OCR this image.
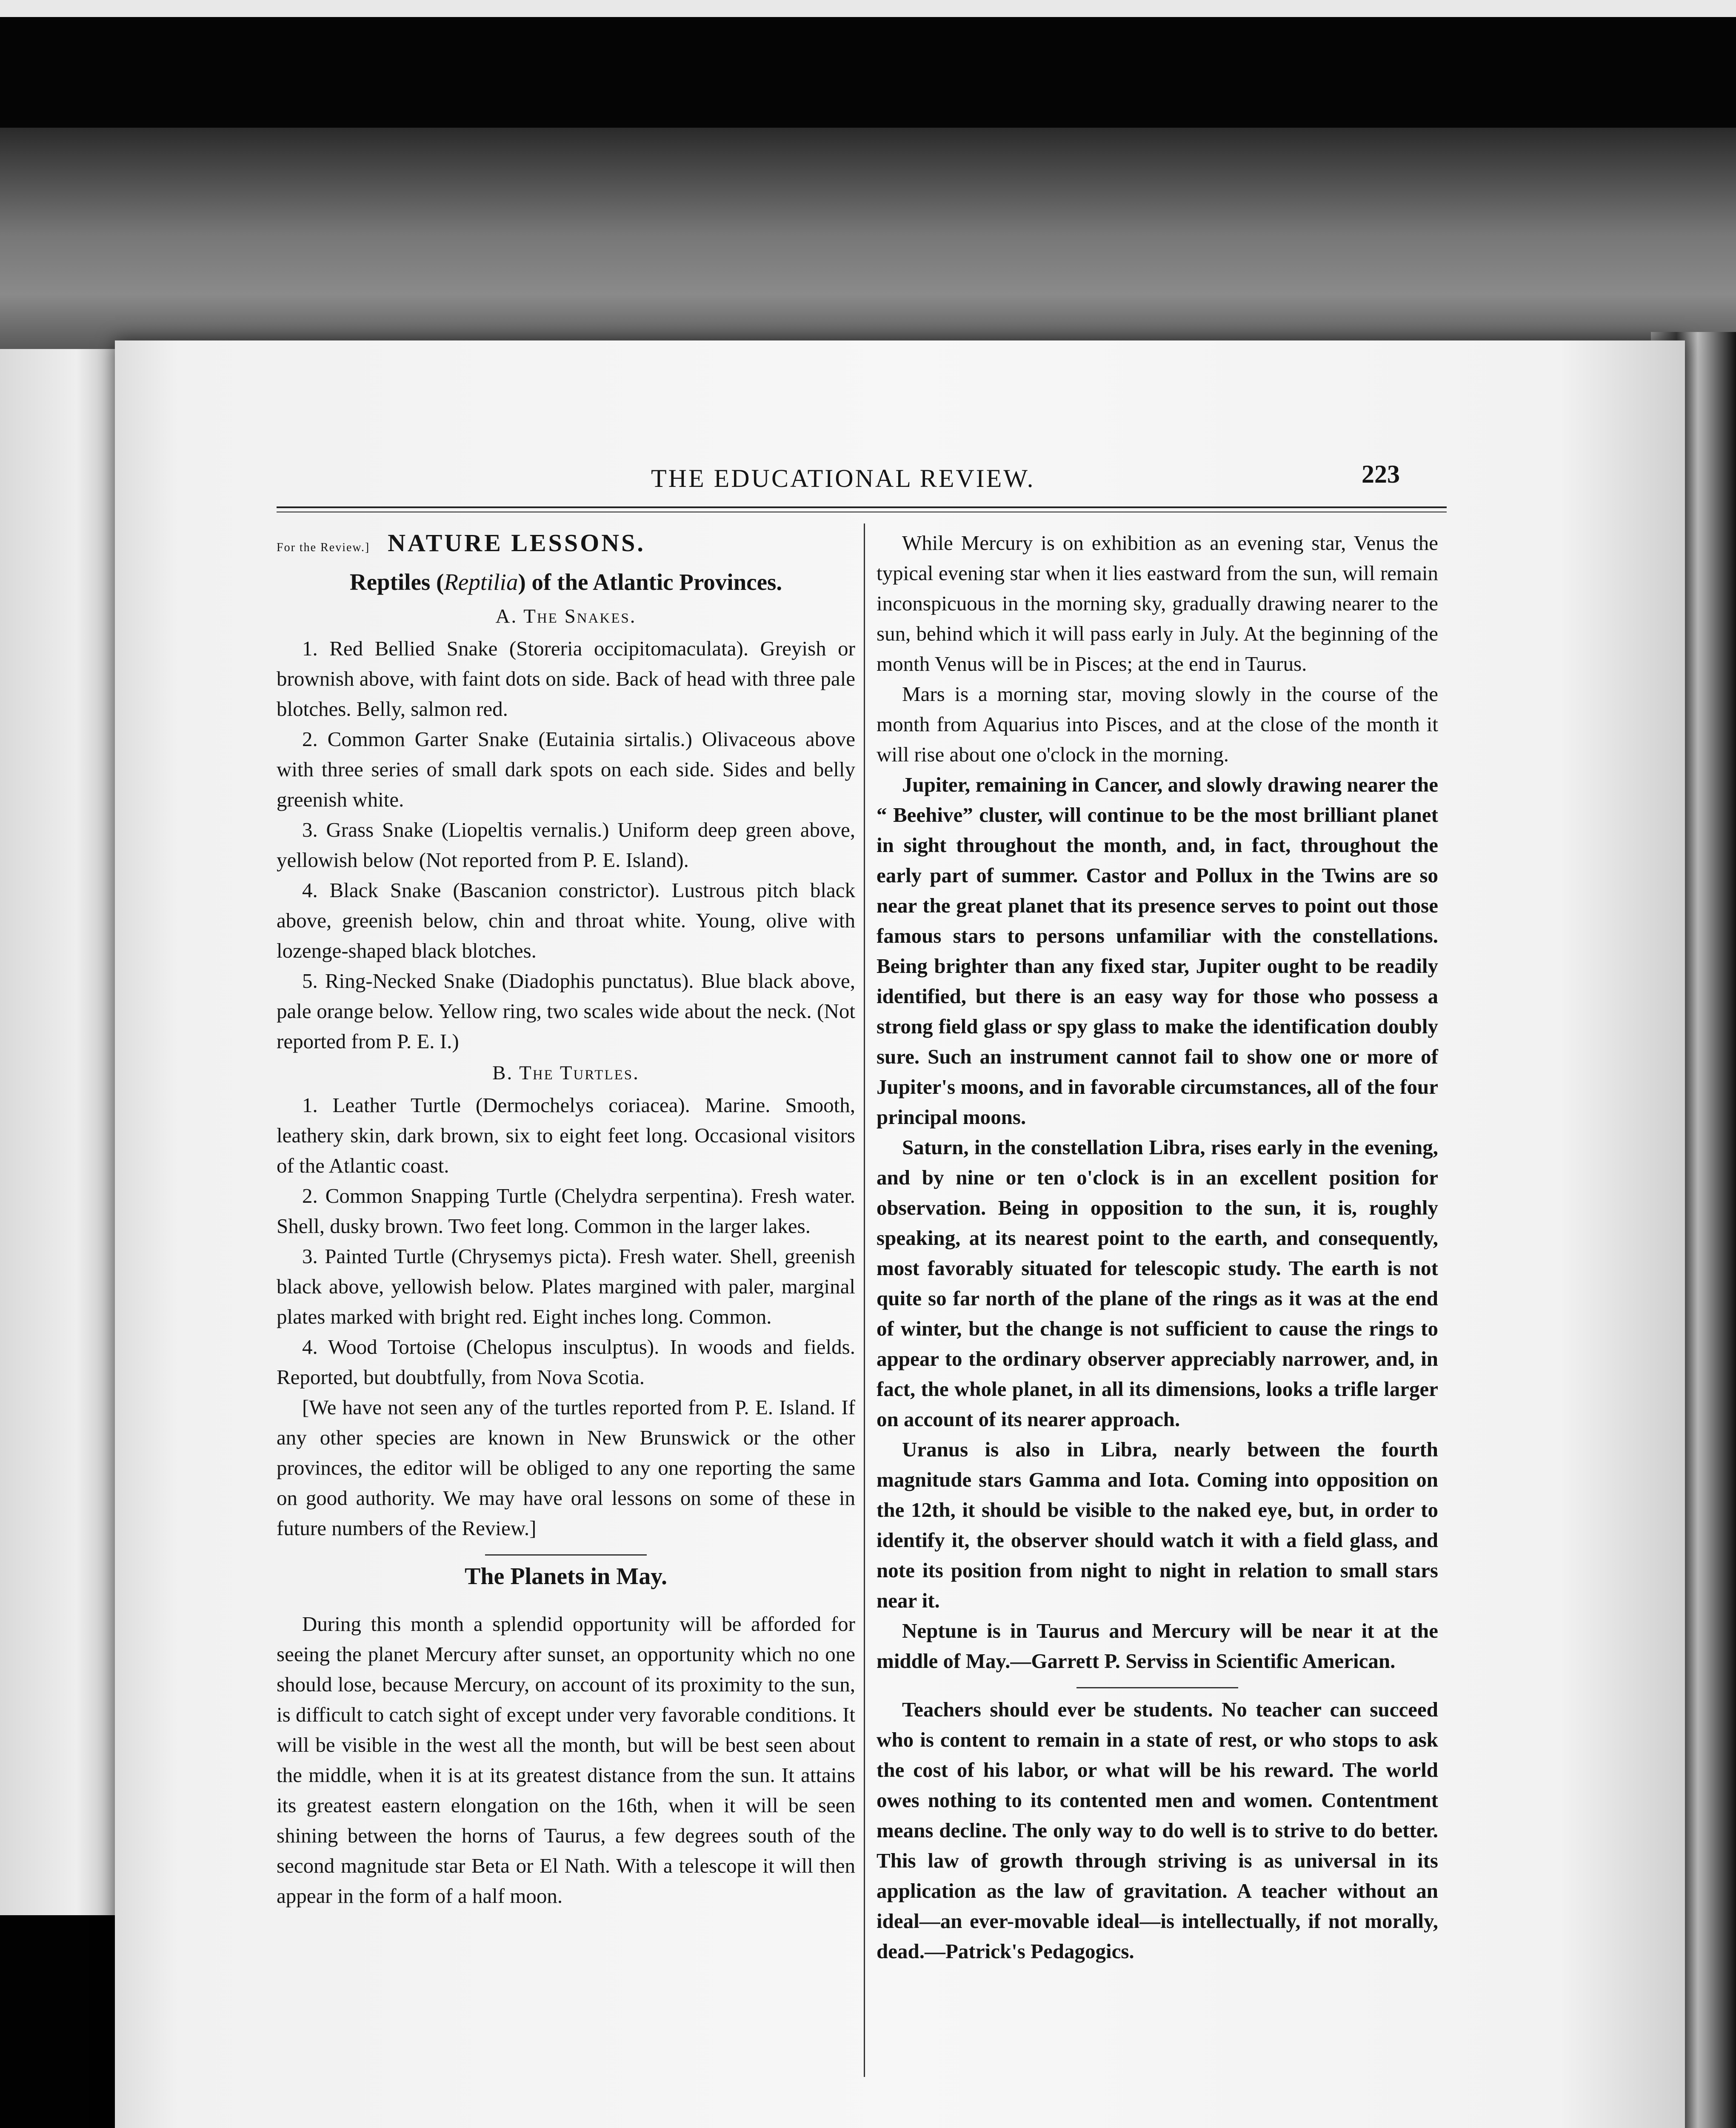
THE EDUCATIONAL REVIEW.	223

For the Review.] NATURE LESSONS.

Reptiles (Reptilia) of the Atlantic Provinces.
A. The Snakes.

1. Red Bellied Snake (Storeria occipitomaculata). Greyish or brownish above, with faint dots on side. Back of head with three pale blotches. Belly, salmon red.

2. Common Garter Snake (Eutainia sirtalis.) Olivaceous above with three series of small dark spots on each side. Sides and belly greenish white.

3. Grass Snake (Liopeltis vernalis.) Uniform deep green above, yellowish below (Not reported from P. E. Island).

4. Black Snake (Bascanion constrictor). Lustrous pitch black above, greenish below, chin and throat white. Young, olive with lozenge-shaped black blotches.

5. Ring-Necked Snake (Diadophis punctatus). Blue black above, pale orange below. Yellow ring, two scales wide about the neck. (Not reported from P. E. I.)

B. The Turtles.

1. Leather Turtle (Dermochelys coriacea). Marine. Smooth, leathery skin, dark brown, six to eight feet long. Occasional visitors of the Atlantic coast.

2. Common Snapping Turtle (Chelydra serpentina). Fresh water. Shell, dusky brown. Two feet long. Common in the larger lakes.

3. Painted Turtle (Chrysemys picta). Fresh water. Shell, greenish black above, yellowish below. Plates margined with paler, marginal plates marked with bright red. Eight inches long. Common.

4. Wood Tortoise (Chelopus insculptus). In woods and fields. Reported, but doubtfully, from Nova Scotia.

[We have not seen any of the turtles reported from P. E. Island. If any other species are known in New Brunswick or the other provinces, the editor will be obliged to any one reporting the same on good authority. We may have oral lessons on some of these in future numbers of the Review.]

The Planets in May.

During this month a splendid opportunity will be afforded for seeing the planet Mercury after sunset, an opportunity which no one should lose, because Mercury, on account of its proximity to the sun, is difficult to catch sight of except under very favorable conditions. It will be visible in the west all the month, but will be best seen about the middle, when it is at its greatest distance from the sun. It attains its greatest eastern elongation on the 16th, when it will be seen shining between the horns of Taurus, a few degrees south of the second magnitude star Beta or El Nath. With a telescope it will then appear in the form of a half moon.

While Mercury is on exhibition as an evening star, Venus the typical evening star when it lies eastward from the sun, will remain inconspicuous in the morning sky, gradually drawing nearer to the sun, behind which it will pass early in July. At the beginning of the month Venus will be in Pisces; at the end in Taurus.

Mars is a morning star, moving slowly in the course of the month from Aquarius into Pisces, and at the close of the month it will rise about one o'clock in the morning.

Jupiter, remaining in Cancer, and slowly drawing nearer the “ Beehive” cluster, will continue to be the most brilliant planet in sight throughout the month, and, in fact, throughout the early part of summer. Castor and Pollux in the Twins are so near the great planet that its presence serves to point out those famous stars to persons unfamiliar with the constellations. Being brighter than any fixed star, Jupiter ought to be readily identified, but there is an easy way for those who possess a strong field glass or spy glass to make the identification doubly sure. Such an instrument cannot fail to show one or more of Jupiter's moons, and in favorable circumstances, all of the four principal moons.

Saturn, in the constellation Libra, rises early in the evening, and by nine or ten o'clock is in an excellent position for observation. Being in opposition to the sun, it is, roughly speaking, at its nearest point to the earth, and consequently, most favorably situated for telescopic study. The earth is not quite so far north of the plane of the rings as it was at the end of winter, but the change is not sufficient to cause the rings to appear to the ordinary observer appreciably narrower, and, in fact, the whole planet, in all its dimensions, looks a trifle larger on account of its nearer approach.

Uranus is also in Libra, nearly between the fourth magnitude stars Gamma and Iota. Coming into opposition on the 12th, it should be visible to the naked eye, but, in order to identify it, the observer should watch it with a field glass, and note its position from night to night in relation to small stars near it.

Neptune is in Taurus and Mercury will be near it at the middle of May.—Garrett P. Serviss in Scientific American.

Teachers should ever be students. No teacher can succeed who is content to remain in a state of rest, or who stops to ask the cost of his labor, or what will be his reward. The world owes nothing to its contented men and women. Contentment means decline. The only way to do well is to strive to do better. This law of growth through striving is as universal in its application as the law of gravitation. A teacher without an ideal—an ever-movable ideal—is intellectually, if not morally, dead.—Patrick's Pedagogics.
